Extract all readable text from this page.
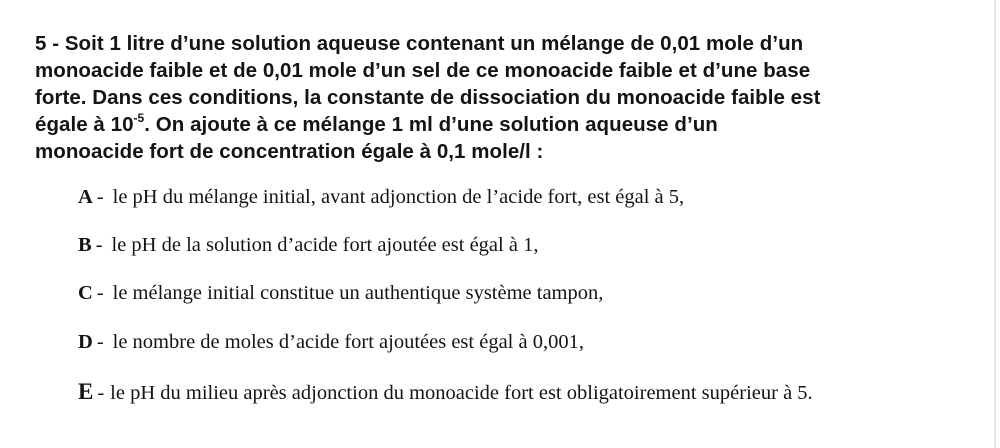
5 - Soit 1 litre d’une solution aqueuse contenant un mélange de 0,01 mole d’un
monoacide faible et de 0,01 mole d’un sel de ce monoacide faible et d’une base
forte. Dans ces conditions, la constante de dissociation du monoacide faible est
égale à $10^{-5}$. On ajoute à ce mélange 1 ml d’une solution aqueuse d’un
monoacide fort de concentration égale à 0,1 mole/l :
A - le pH du mélange initial, avant adjonction de l’acide fort, est égal à 5,
B - le pH de la solution d’acide fort ajoutée est égal à 1,
C - le mélange initial constitue un authentique système tampon,
D - le nombre de moles d’acide fort ajoutées est égal à 0,001,
E - le pH du milieu après adjonction du monoacide fort est obligatoirement supérieur à 5.
